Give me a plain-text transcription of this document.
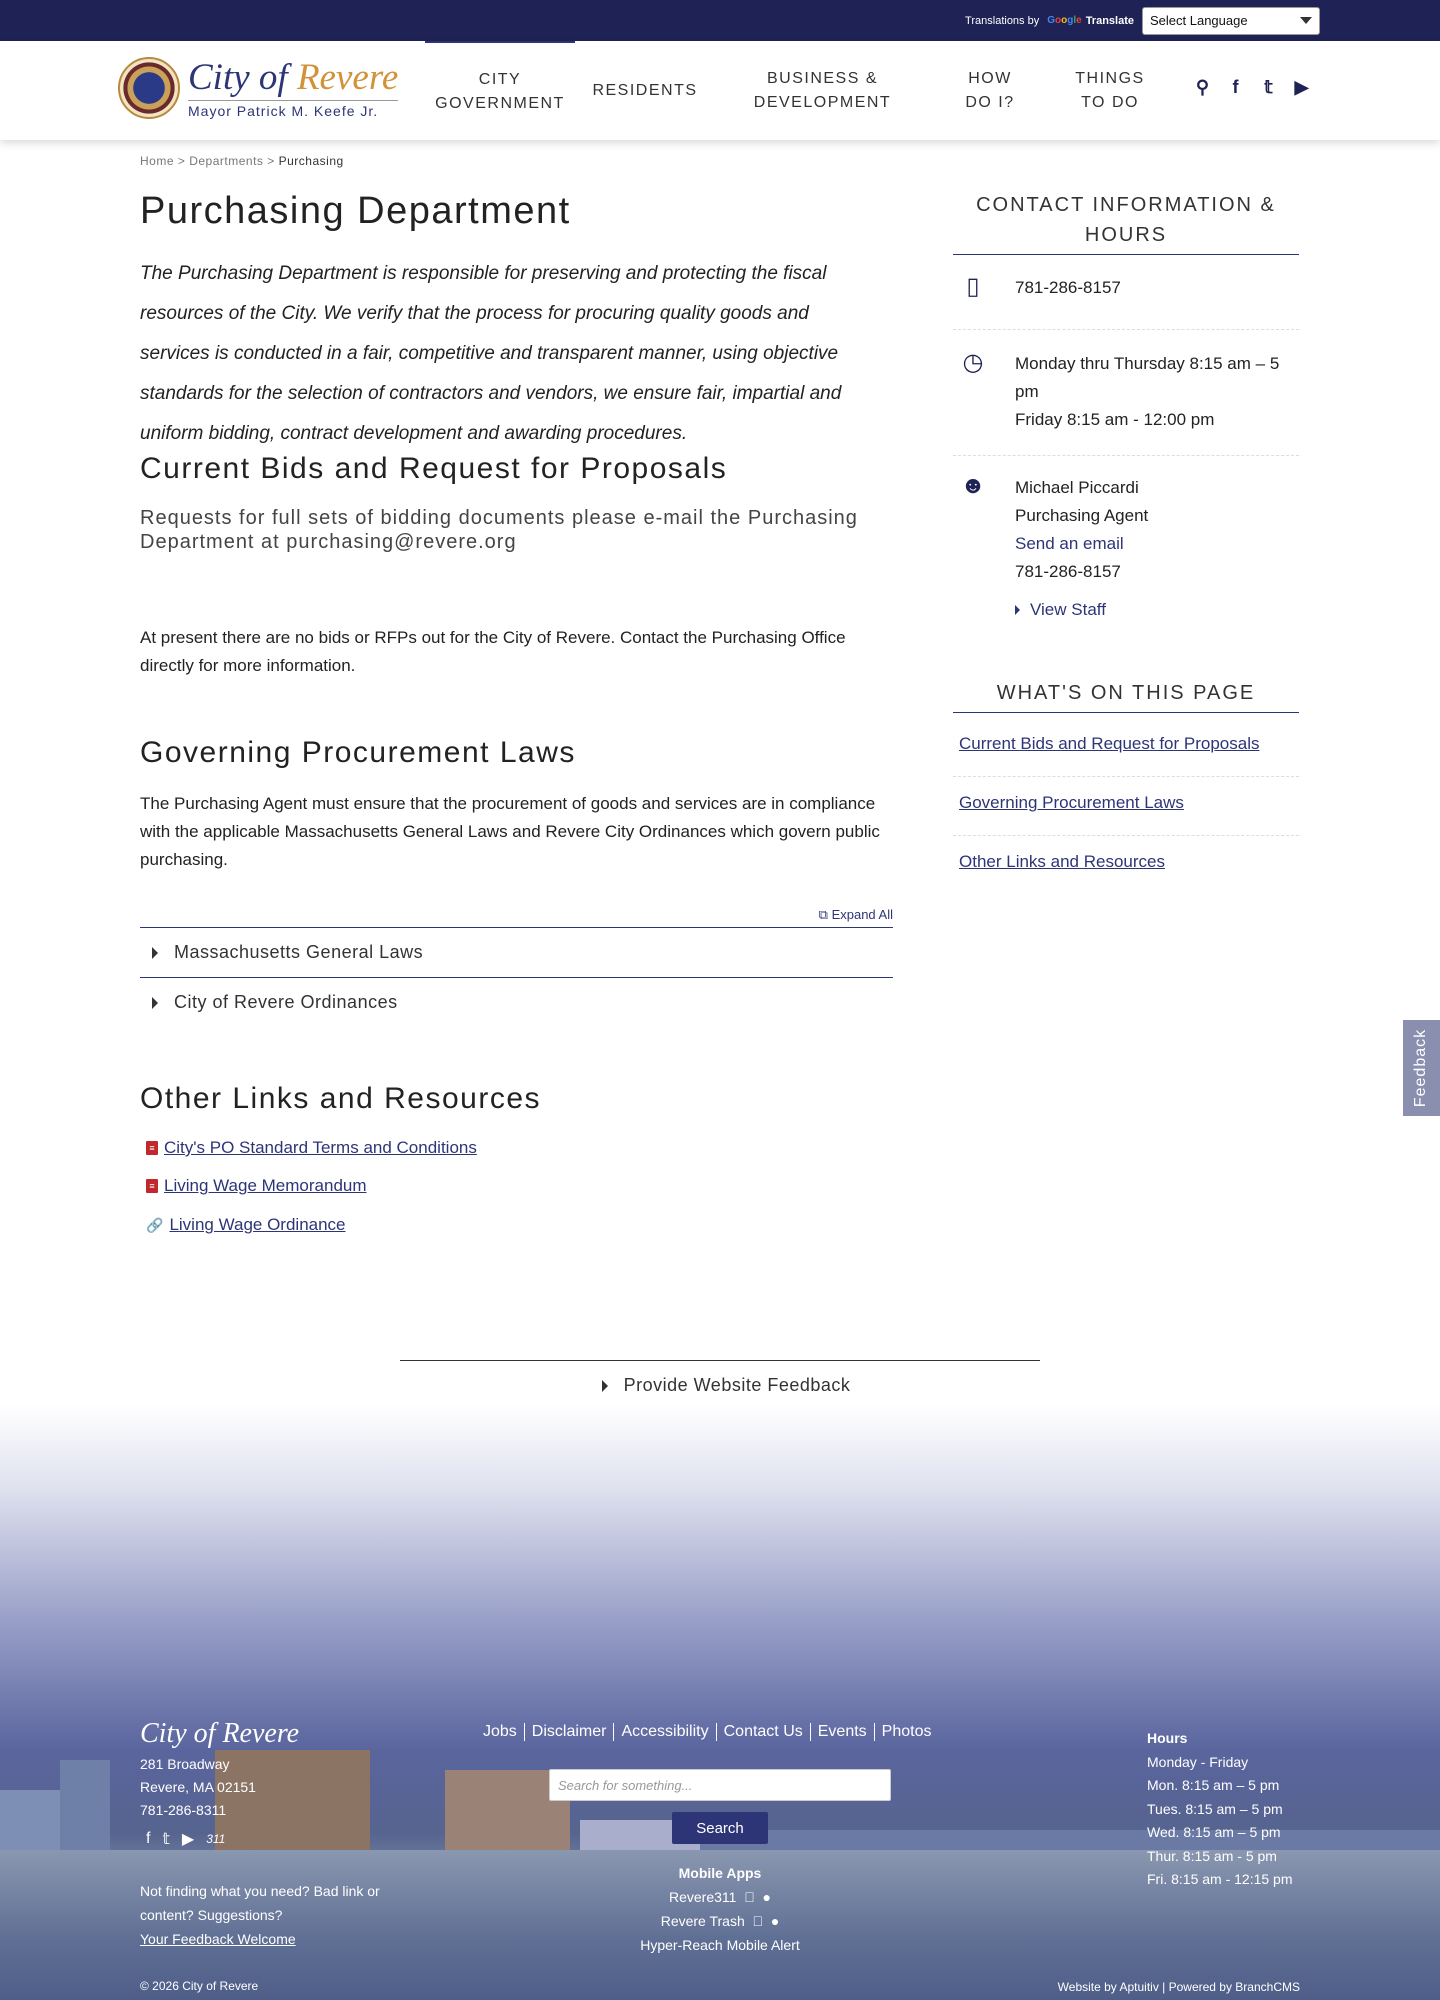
Translations by Google Translate Select Language
City of Revere
Mayor Patrick M. Keefe Jr.
CITY GOVERNMENT
RESIDENTS
BUSINESS & DEVELOPMENT
HOW DO I?
THINGS TO DO
⚲	f	𝕥 ▶
Home > Departments > Purchasing
Purchasing Department
The Purchasing Department is responsible for preserving and protecting the fiscal resources of the City. We verify that the process for procuring quality goods and services is conducted in a fair, competitive and transparent manner, using objective standards for the selection of contractors and vendors, we ensure fair, impartial and uniform bidding, contract development and awarding procedures.
Current Bids and Request for Proposals
Requests for full sets of bidding documents please e-mail the Purchasing Department at purchasing@revere.org
At present there are no bids or RFPs out for the City of Revere. Contact the Purchasing Office directly for more information.
Governing Procurement Laws
The Purchasing Agent must ensure that the procurement of goods and services are in compliance with the applicable Massachusetts General Laws and Revere City Ordinances which govern public purchasing.
⧉ Expand All
Massachusetts General Laws
City of Revere Ordinances
Other Links and Resources
≡ City's PO Standard Terms and Conditions
≡ Living Wage Memorandum
🔗 Living Wage Ordinance
CONTACT INFORMATION & HOURS
▯	781-286-8157
◷ Monday thru Thursday 8:15 am – 5 pm
Friday 8:15 am - 12:00 pm
☻ Michael Piccardi
Purchasing Agent
Send an email
781-286-8157
View Staff
WHAT'S ON THIS PAGE
Current Bids and Request for Proposals
Governing Procurement Laws
Other Links and Resources
Feedback
Provide Website Feedback
City of Revere
281 Broadway
Revere, MA 02151
781-286-8311
f 𝕥 ▶ 311
Not finding what you need? Bad link or content? Suggestions?
Your Feedback Welcome
Jobs Disclaimer Accessibility Contact Us Events Photos
Search for something...
Search
Mobile Apps
Revere311    ●
Revere Trash    ●
Hyper-Reach Mobile Alert
Hours
Monday - Friday
Mon. 8:15 am – 5 pm
Tues. 8:15 am – 5 pm
Wed. 8:15 am – 5 pm
Thur. 8:15 am - 5 pm
Fri. 8:15 am - 12:15 pm
© 2026 City of Revere	Website by Aptuitiv | Powered by BranchCMS
